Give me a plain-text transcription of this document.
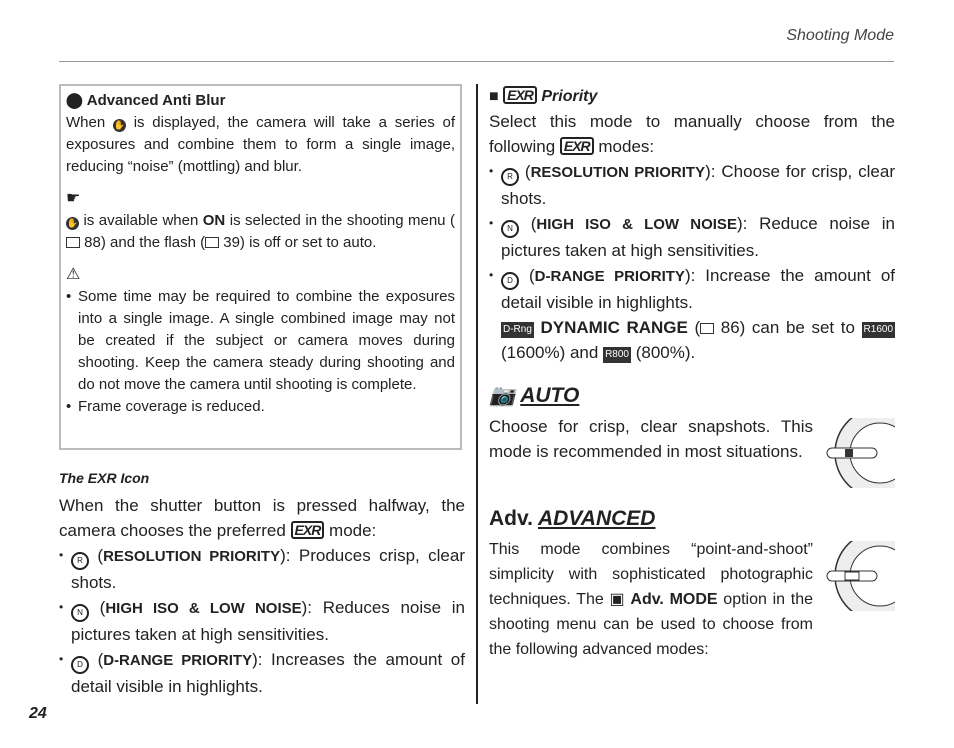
Shooting Mode
⬤ Advanced Anti Blur

When ✋ is displayed, the camera will take a series of exposures and combine them to form a single image, reducing “noise” (mottling) and blur.

☛

✋ is available when ON is selected in the shooting menu ( 88) and the flash ( 39) is off or set to auto.

⚠
• Some time may be required to combine the exposures into a single image. A single combined image may not be created if the subject or camera moves during shooting. Keep the camera steady during shooting and do not move the camera until shooting is complete.
• Frame coverage is reduced.
The EXR Icon

When the shutter button is pressed halfway, the camera chooses the preferred EXR mode:

• R (RESOLUTION PRIORITY): Produces crisp, clear shots.
• N (HIGH ISO & LOW NOISE): Reduces noise in pictures taken at high sensitivities.
• D (D-RANGE PRIORITY): Increases the amount of detail visible in highlights.
■ EXR Priority

Select this mode to manually choose from the following EXR modes:

• R (RESOLUTION PRIORITY): Choose for crisp, clear shots.
• N (HIGH ISO & LOW NOISE): Reduce noise in pictures taken at high sensitivities.
• D (D-RANGE PRIORITY): Increase the amount of detail visible in highlights.
D-Rng DYNAMIC RANGE ( 86) can be set to R1600 (1600%) and R800 (800%).
📷 AUTO

Choose for crisp, clear snapshots. This mode is recommended in most situations.

Adv. ADVANCED

This mode combines “point-and-shoot” simplicity with sophisticated photographic techniques. The ▣ Adv. MODE option in the shooting menu can be used to choose from the following advanced modes:

24
